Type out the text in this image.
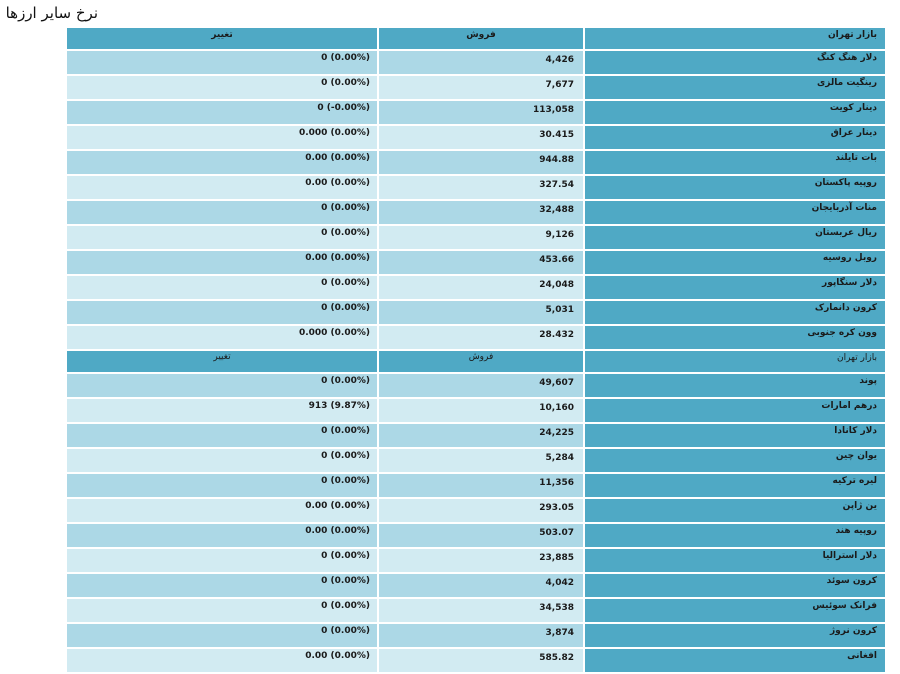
نرخ سایر ارزها
تغییر	فروش	بازار تهران
0 (0.00%)	4,426	دلار هنگ کنگ
0 (0.00%)	7,677	رینگیت مالزی
0 (-0.00%)	113,058	دینار کویت
0.000 (0.00%)	30.415	دینار عراق
0.00 (0.00%)	944.88	بات تایلند
0.00 (0.00%)	327.54	روپیه پاکستان
0 (0.00%)	32,488	منات آذربایجان
0 (0.00%)	9,126	ریال عربستان
0.00 (0.00%)	453.66	روبل روسیه
0 (0.00%)	24,048	دلار سنگاپور
0 (0.00%)	5,031	کرون دانمارک
0.000 (0.00%)	28.432	وون کره جنوبی
تغییر	فروش	بازار تهران
0 (0.00%)	49,607	پوند
913 (9.87%)	10,160	درهم امارات
0 (0.00%)	24,225	دلار کانادا
0 (0.00%)	5,284	یوان چین
0 (0.00%)	11,356	لیره ترکیه
0.00 (0.00%)	293.05	ین ژاپن
0.00 (0.00%)	503.07	روپیه هند
0 (0.00%)	23,885	دلار استرالیا
0 (0.00%)	4,042	کرون سوئد
0 (0.00%)	34,538	فرانک سوئیس
0 (0.00%)	3,874	کرون نروژ
0.00 (0.00%)	585.82	افغانی
